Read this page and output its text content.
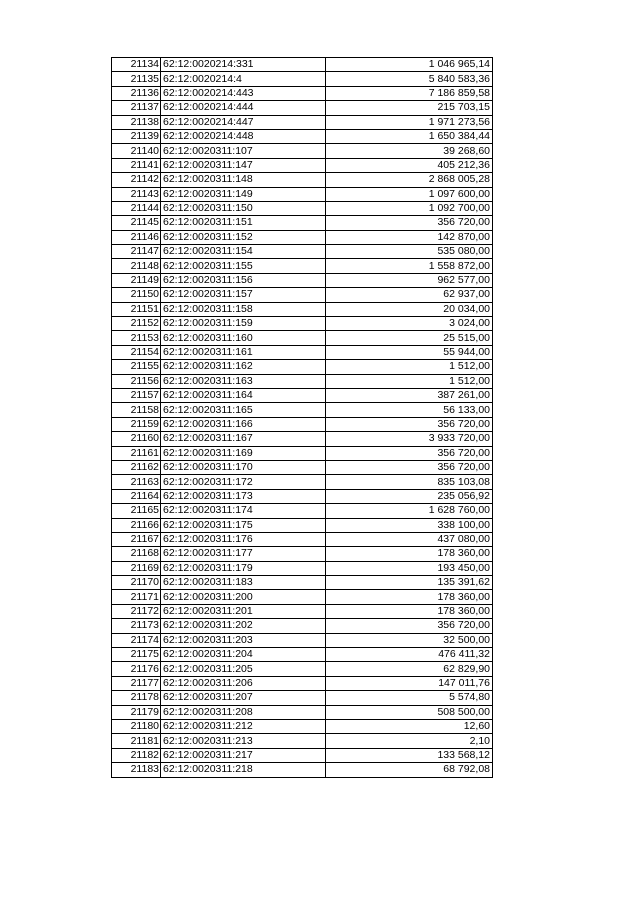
21134	62:12:0020214:331	1 046 965,14
21135	62:12:0020214:4	5 840 583,36
21136	62:12:0020214:443	7 186 859,58
21137	62:12:0020214:444	215 703,15
21138	62:12:0020214:447	1 971 273,56
21139	62:12:0020214:448	1 650 384,44
21140	62:12:0020311:107	39 268,60
21141	62:12:0020311:147	405 212,36
21142	62:12:0020311:148	2 868 005,28
21143	62:12:0020311:149	1 097 600,00
21144	62:12:0020311:150	1 092 700,00
21145	62:12:0020311:151	356 720,00
21146	62:12:0020311:152	142 870,00
21147	62:12:0020311:154	535 080,00
21148	62:12:0020311:155	1 558 872,00
21149	62:12:0020311:156	962 577,00
21150	62:12:0020311:157	62 937,00
21151	62:12:0020311:158	20 034,00
21152	62:12:0020311:159	3 024,00
21153	62:12:0020311:160	25 515,00
21154	62:12:0020311:161	55 944,00
21155	62:12:0020311:162	1 512,00
21156	62:12:0020311:163	1 512,00
21157	62:12:0020311:164	387 261,00
21158	62:12:0020311:165	56 133,00
21159	62:12:0020311:166	356 720,00
21160	62:12:0020311:167	3 933 720,00
21161	62:12:0020311:169	356 720,00
21162	62:12:0020311:170	356 720,00
21163	62:12:0020311:172	835 103,08
21164	62:12:0020311:173	235 056,92
21165	62:12:0020311:174	1 628 760,00
21166	62:12:0020311:175	338 100,00
21167	62:12:0020311:176	437 080,00
21168	62:12:0020311:177	178 360,00
21169	62:12:0020311:179	193 450,00
21170	62:12:0020311:183	135 391,62
21171	62:12:0020311:200	178 360,00
21172	62:12:0020311:201	178 360,00
21173	62:12:0020311:202	356 720,00
21174	62:12:0020311:203	32 500,00
21175	62:12:0020311:204	476 411,32
21176	62:12:0020311:205	62 829,90
21177	62:12:0020311:206	147 011,76
21178	62:12:0020311:207	5 574,80
21179	62:12:0020311:208	508 500,00
21180	62:12:0020311:212	12,60
21181	62:12:0020311:213	2,10
21182	62:12:0020311:217	133 568,12
21183	62:12:0020311:218	68 792,08
